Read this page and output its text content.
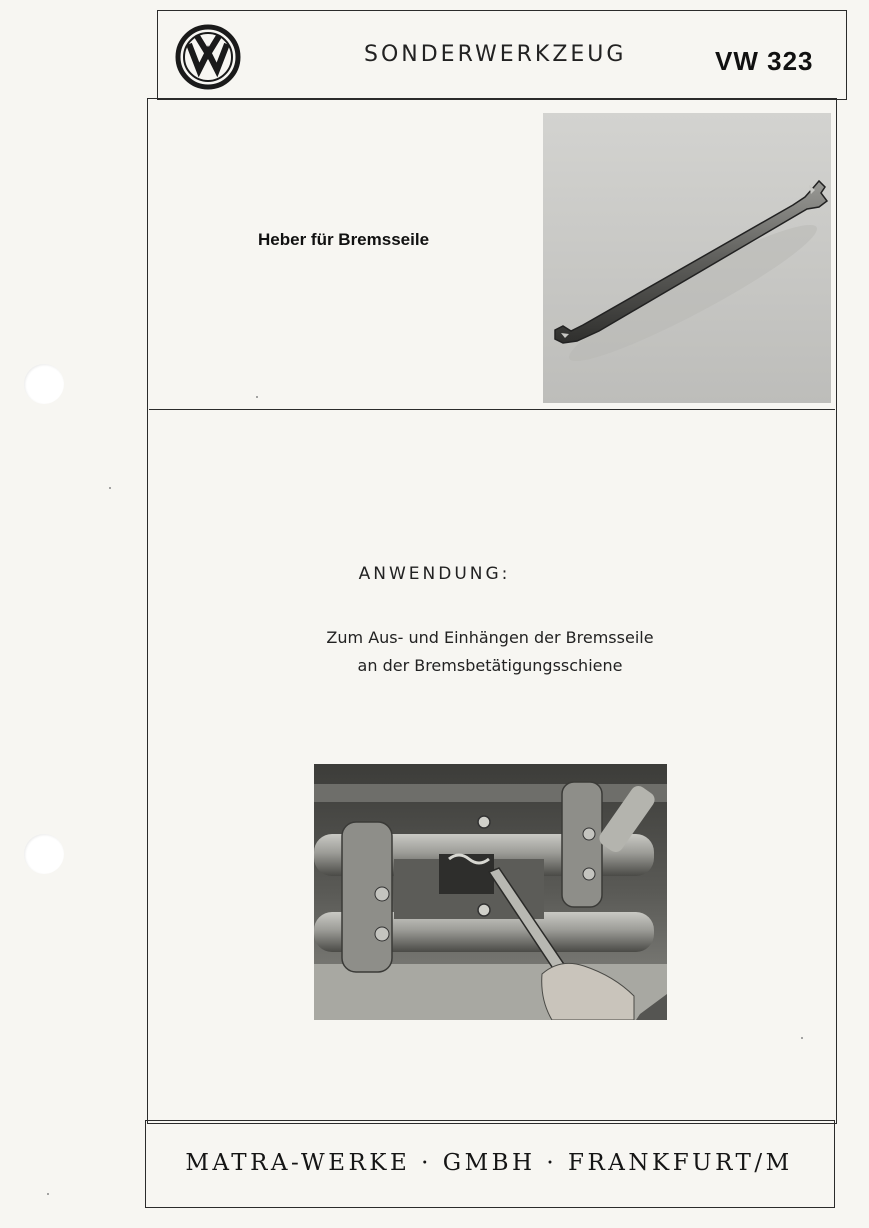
SONDERWERKZEUG	VW 323
Heber für Bremsseile
ANWENDUNG:
Zum Aus- und Einhängen der Bremsseile
an der Bremsbetätigungsschiene
MATRA-WERKE · GMBH · FRANKFURT/M
